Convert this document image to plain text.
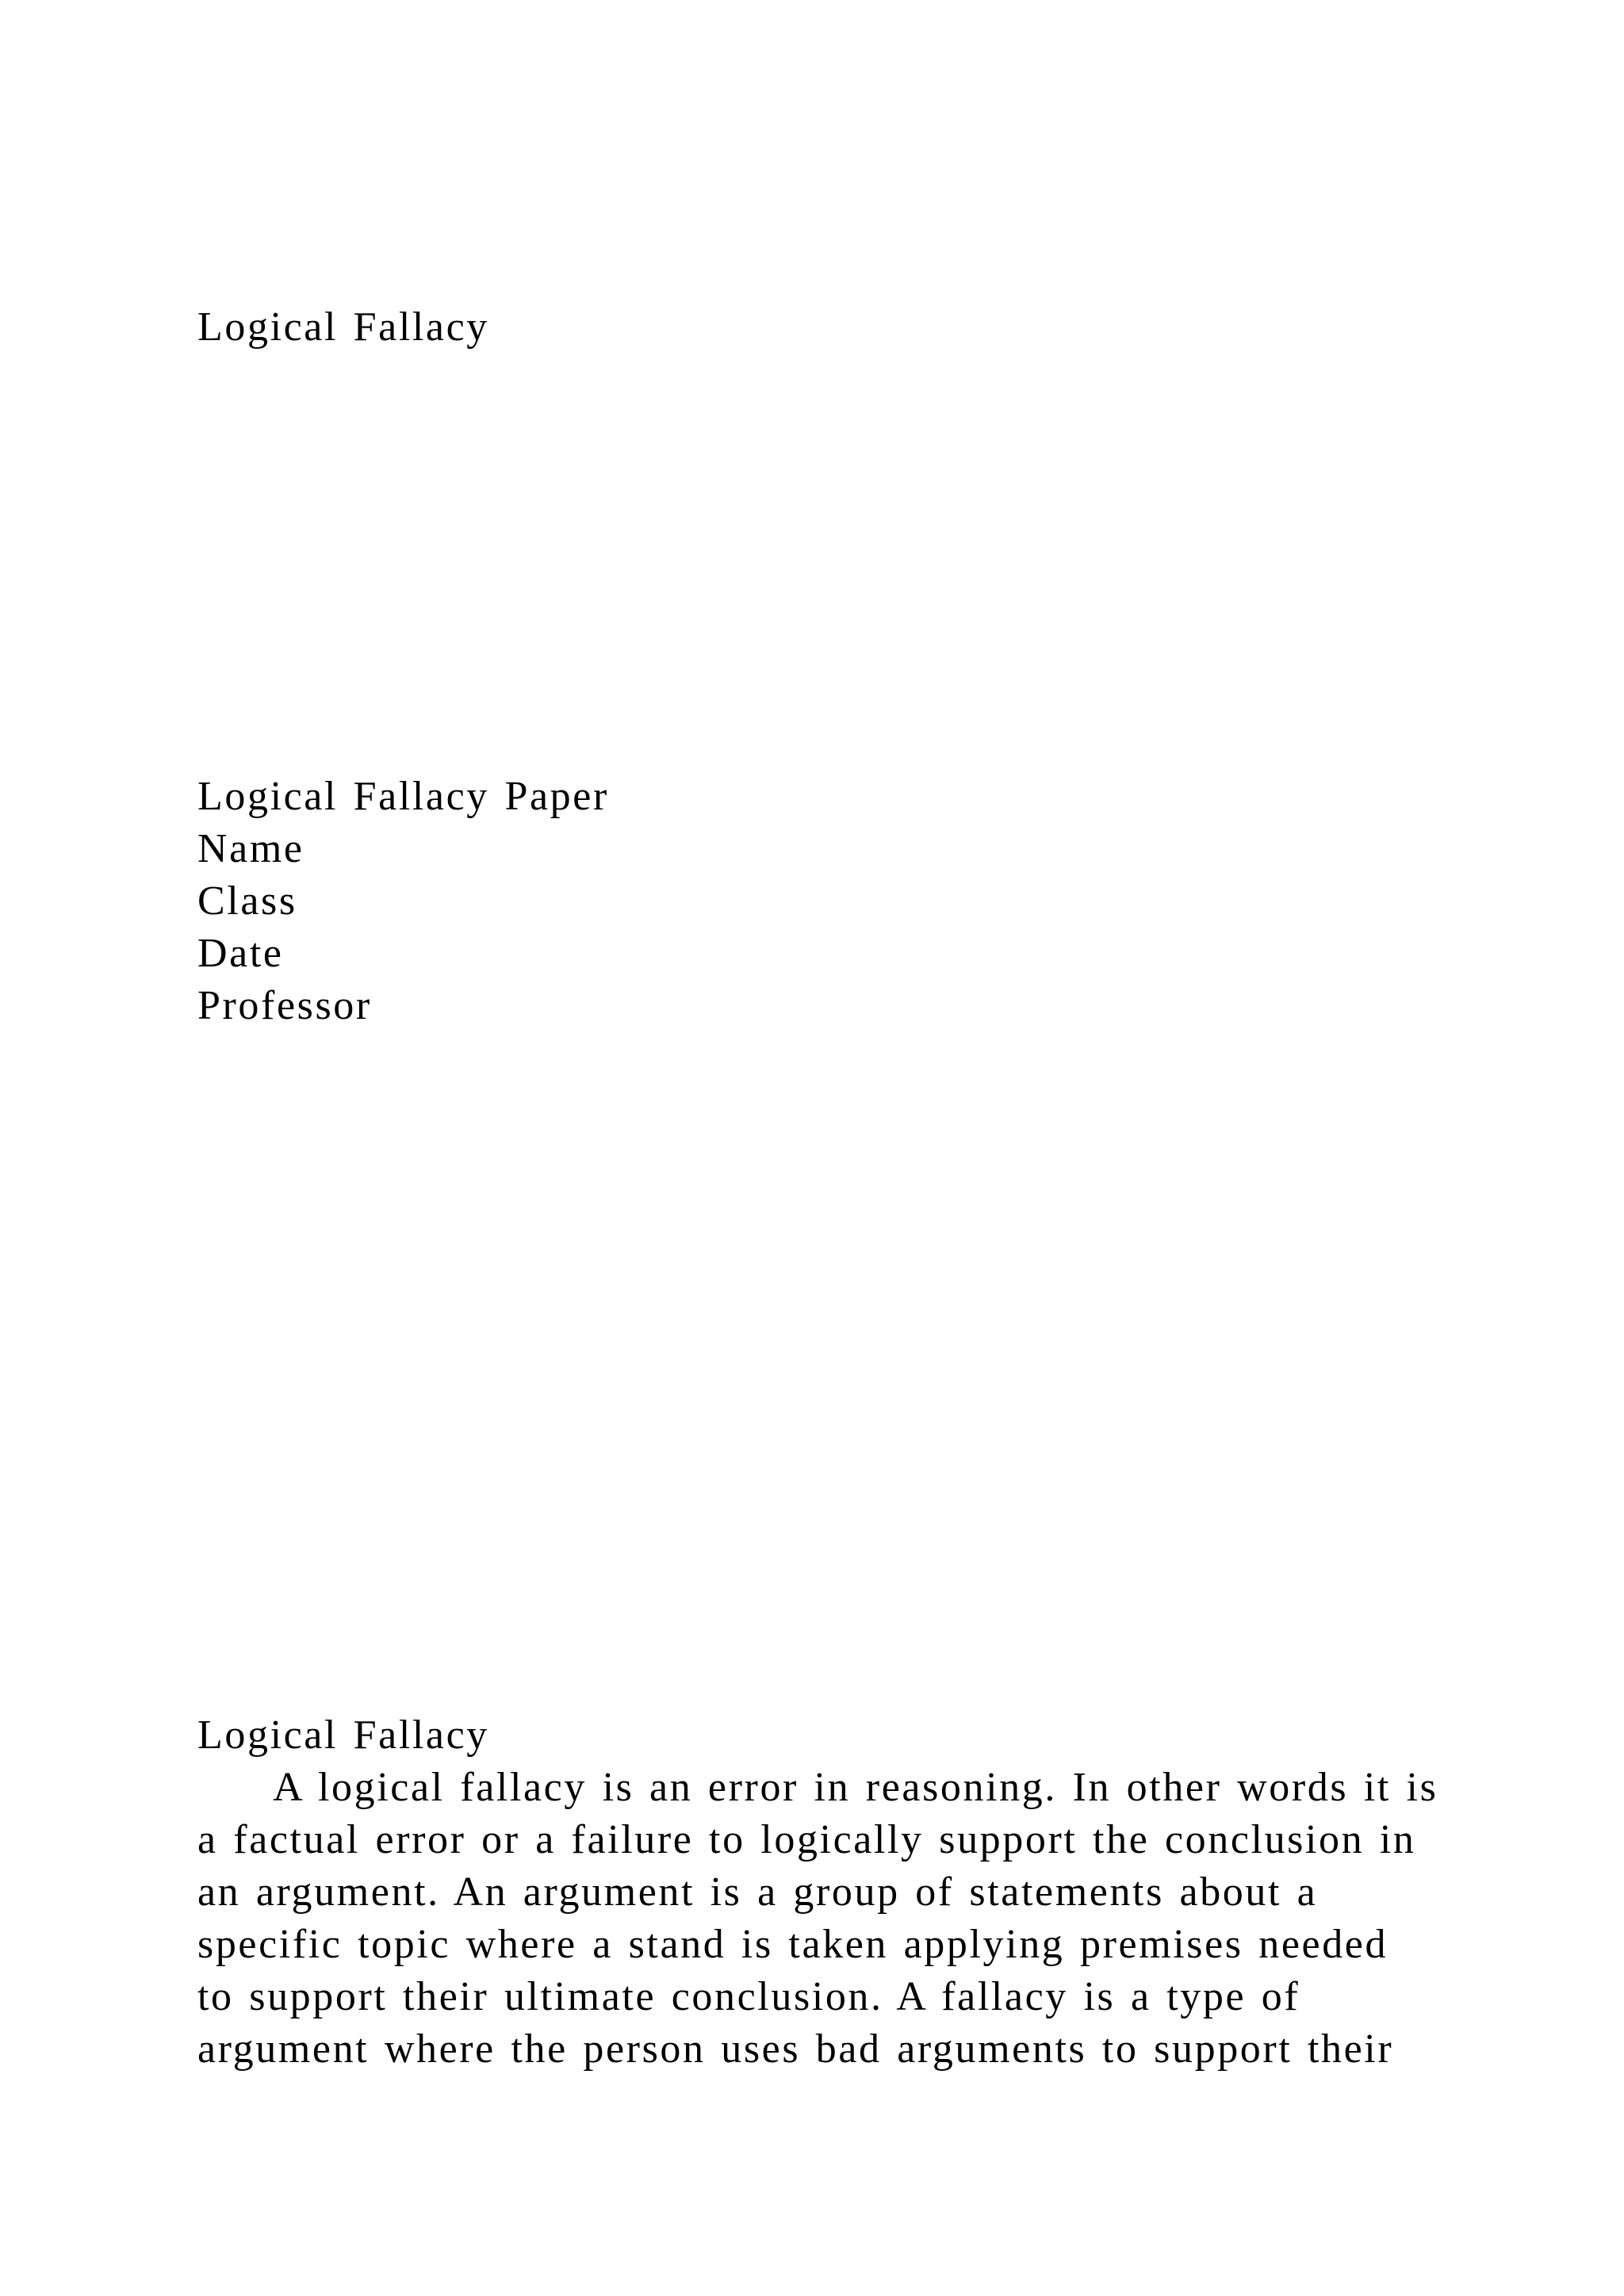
Logical Fallacy
Logical Fallacy Paper
Name
Class
Date
Professor
Logical Fallacy
A logical fallacy is an error in reasoning. In other words it is
a factual error or a failure to logically support the conclusion in
an argument. An argument is a group of statements about a
specific topic where a stand is taken applying premises needed
to support their ultimate conclusion. A fallacy is a type of
argument where the person uses bad arguments to support their
